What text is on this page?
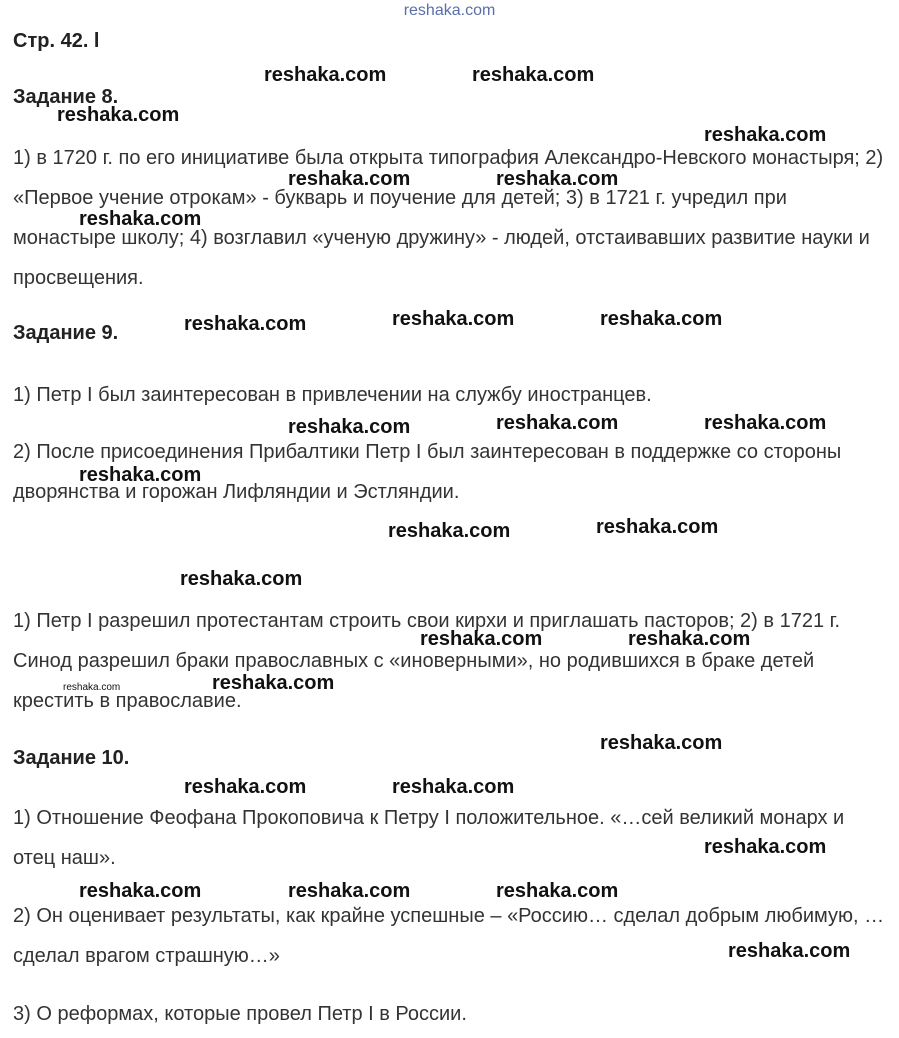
reshaka.com
Стр. 42. l
Задание 8.

1) в 1720 г. по его инициативе была открыта типография Александро-Невского монастыря; 2) «Первое учение отрокам» - букварь и поучение для детей; 3) в 1721 г. учредил при монастыре школу; 4) возглавил «ученую дружину» - людей, отстаивавших развитие науки и просвещения.

Задание 9.

1) Петр I был заинтересован в привлечении на службу иностранцев.

2) После присоединения Прибалтики Петр I был заинтересован в поддержке со стороны дворянства и горожан Лифляндии и Эстляндии.

1) Петр I разрешил протестантам строить свои кирхи и приглашать пасторов; 2) в 1721 г. Синод разрешил браки православных с «иноверными», но родившихся в браке детей крестить в православие.

Задание 10.

1) Отношение Феофана Прокоповича к Петру I положительное. «…сей великий монарх и отец наш».

2) Он оценивает результаты, как крайне успешные – «Россию… сделал добрым любимую, … сделал врагом страшную…»

3) О реформах, которые провел Петр I в России.

reshaka.com	reshaka.com
reshaka.com
reshaka.com
reshaka.com	reshaka.com
reshaka.com
reshaka.com	reshaka.com	reshaka.com
reshaka.com	reshaka.com	reshaka.com
reshaka.com
reshaka.com	reshaka.com
reshaka.com
reshaka.com	reshaka.com
reshaka.com	reshaka.com
reshaka.com
reshaka.com	reshaka.com
reshaka.com
reshaka.com	reshaka.com	reshaka.com
reshaka.com
